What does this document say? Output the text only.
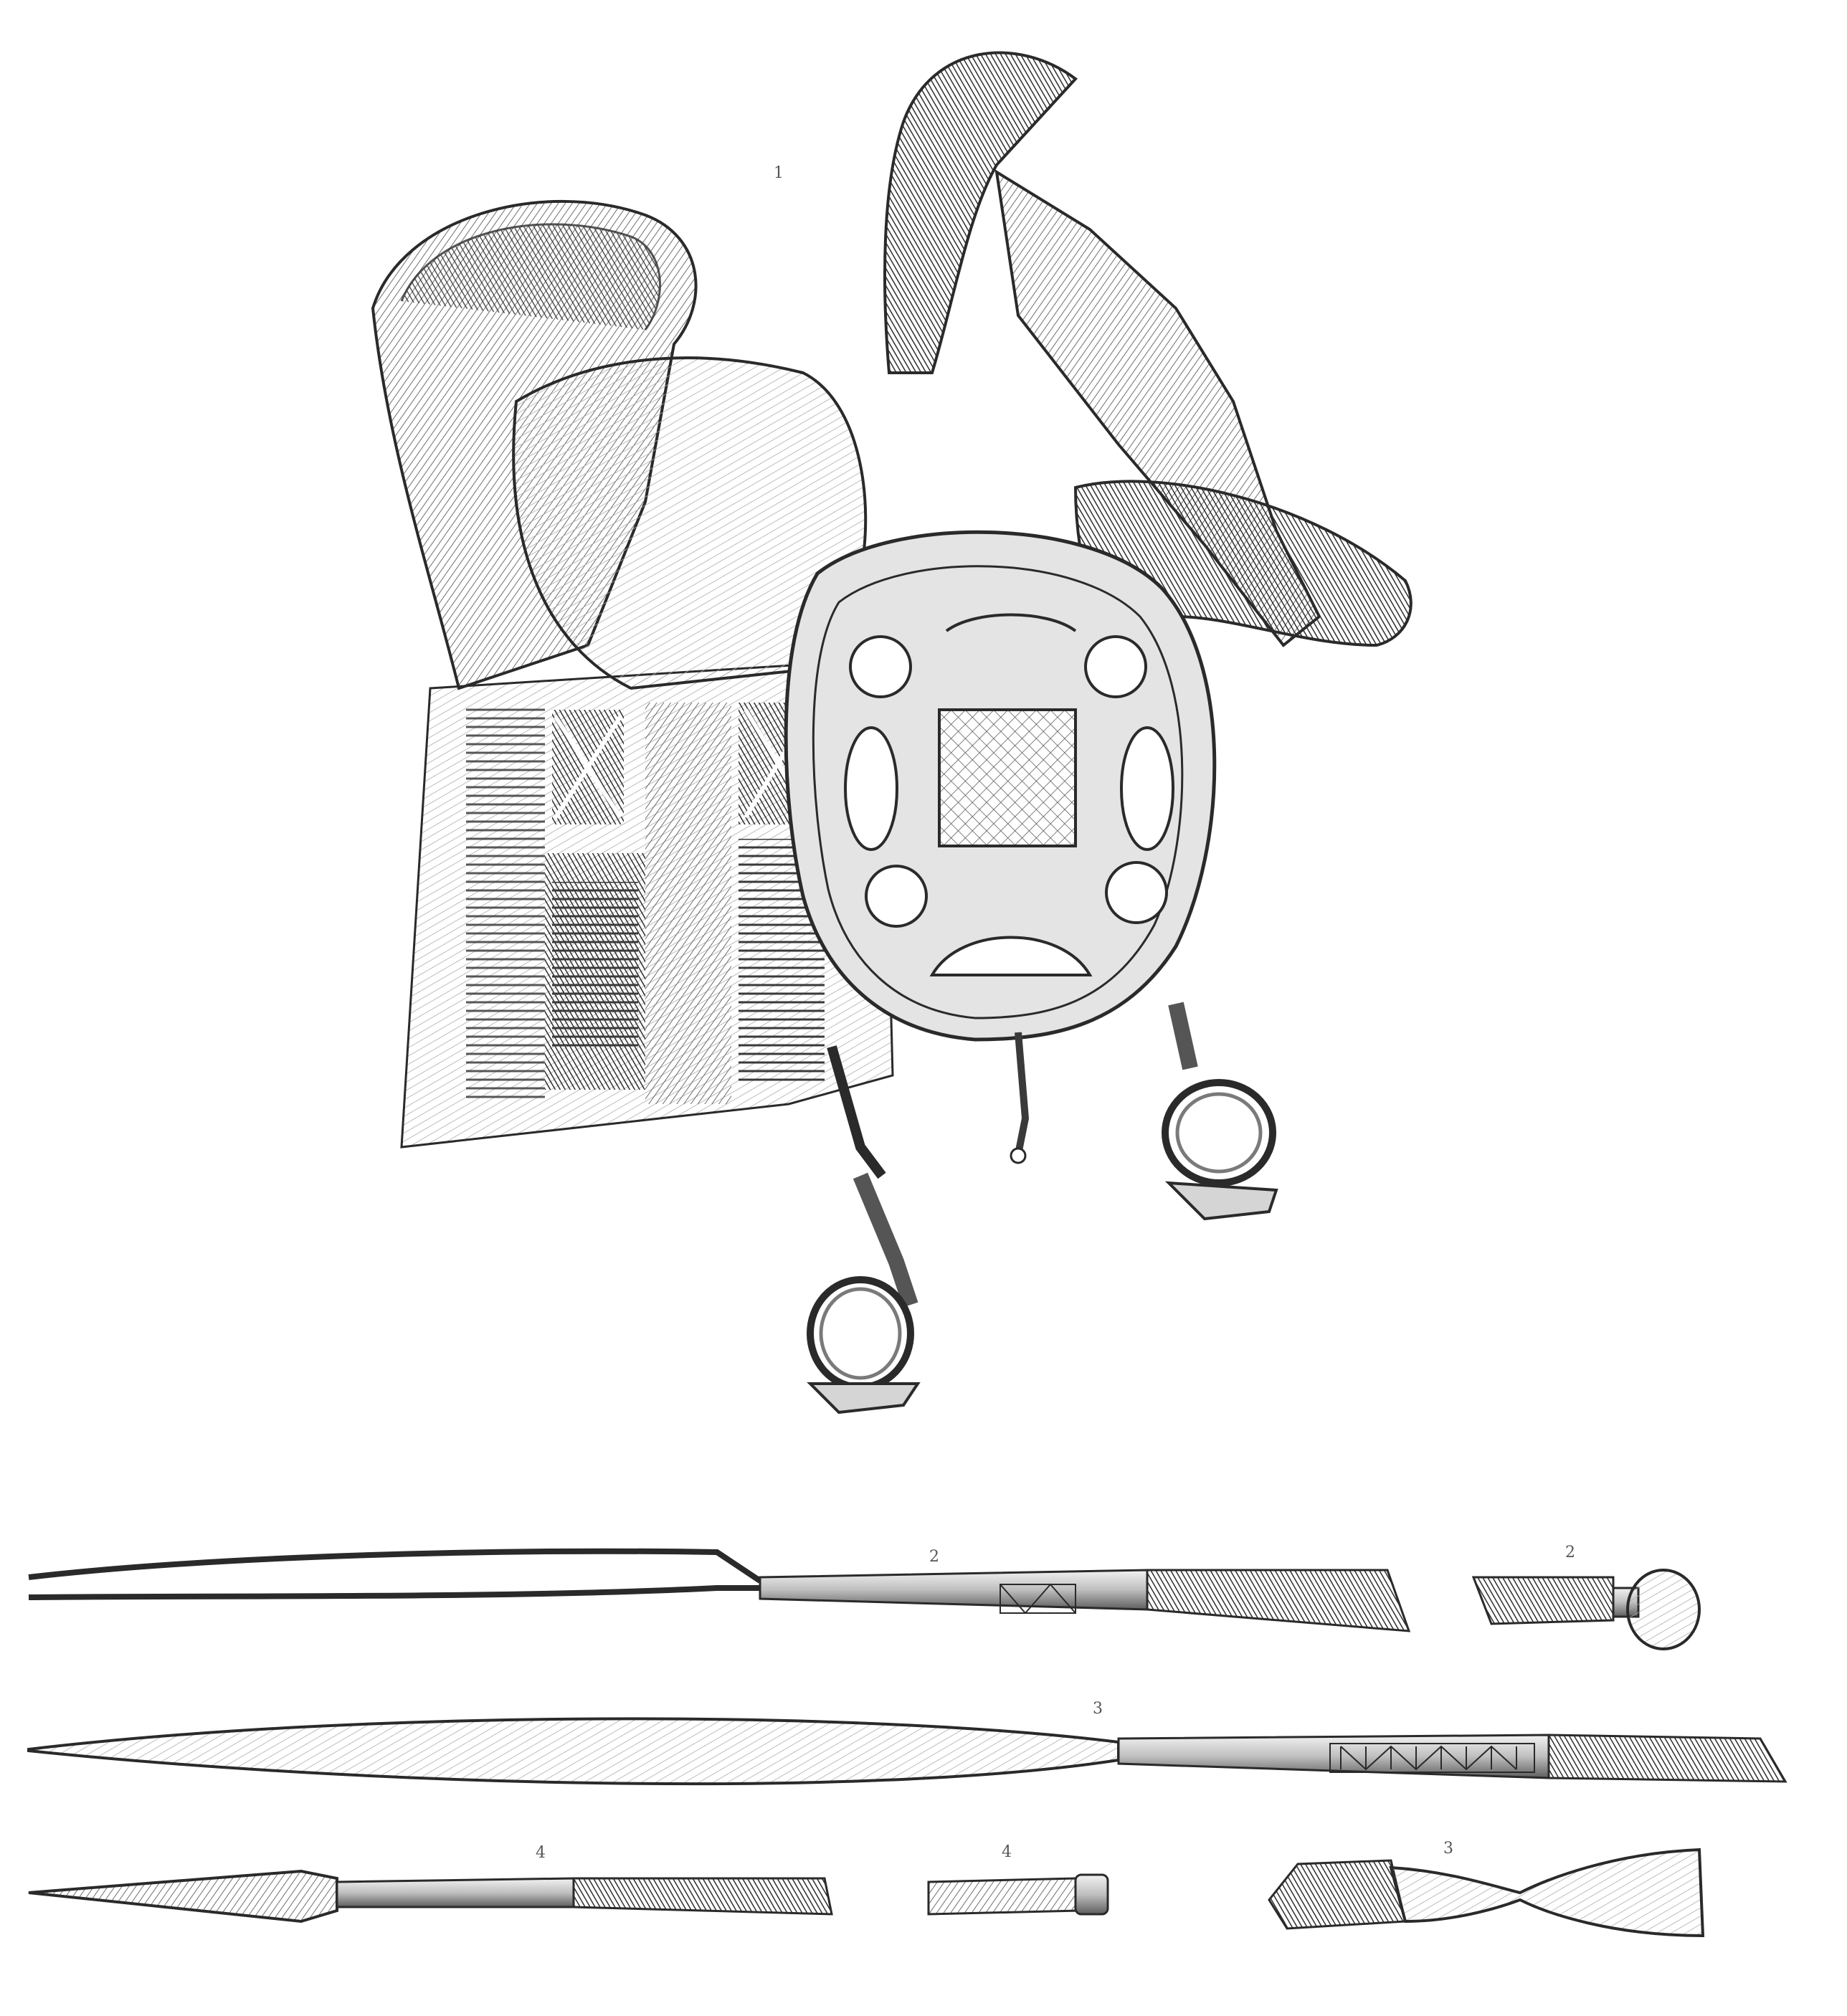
1
2	2
3
4	4	3
